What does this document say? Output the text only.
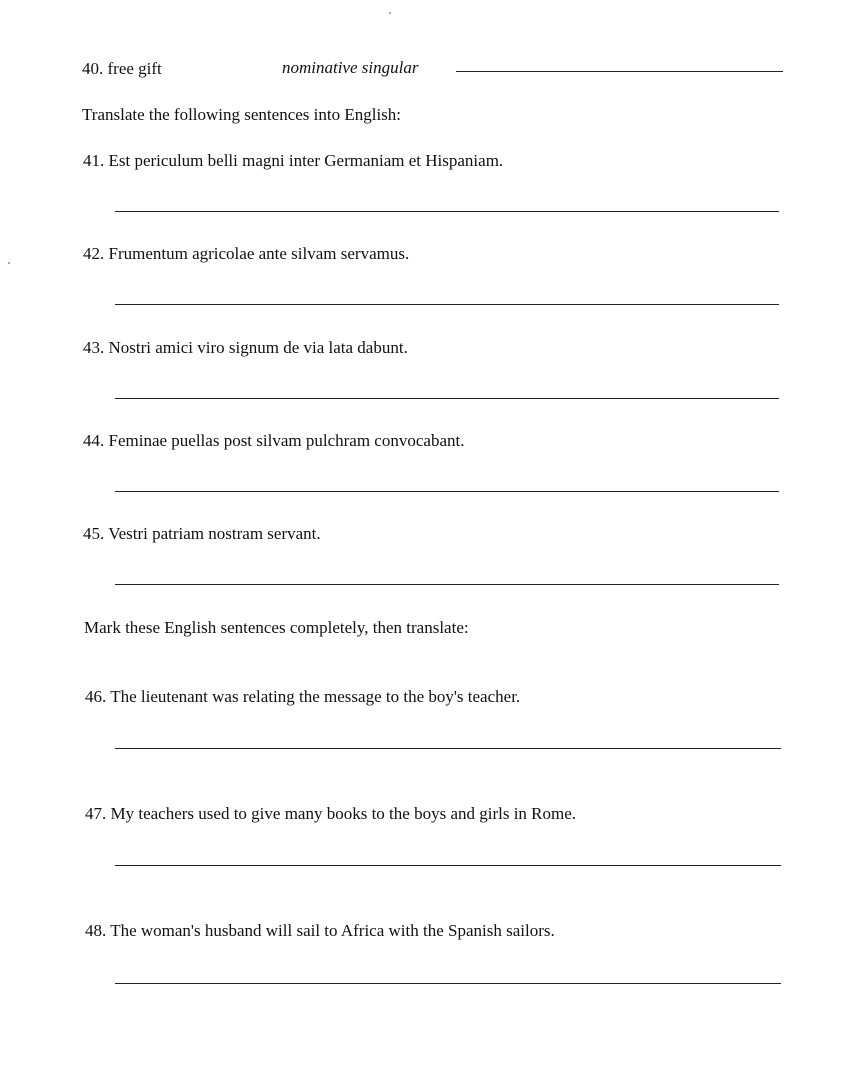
40. free gift	nominative singular
Translate the following sentences into English:
41. Est periculum belli magni inter Germaniam et Hispaniam.
42. Frumentum agricolae ante silvam servamus.
43. Nostri amici viro signum de via lata dabunt.
44. Feminae puellas post silvam pulchram convocabant.
45. Vestri patriam nostram servant.
Mark these English sentences completely, then translate:
46. The lieutenant was relating the message to the boy's teacher.
47. My teachers used to give many books to the boys and girls in Rome.
48. The woman's husband will sail to Africa with the Spanish sailors.
